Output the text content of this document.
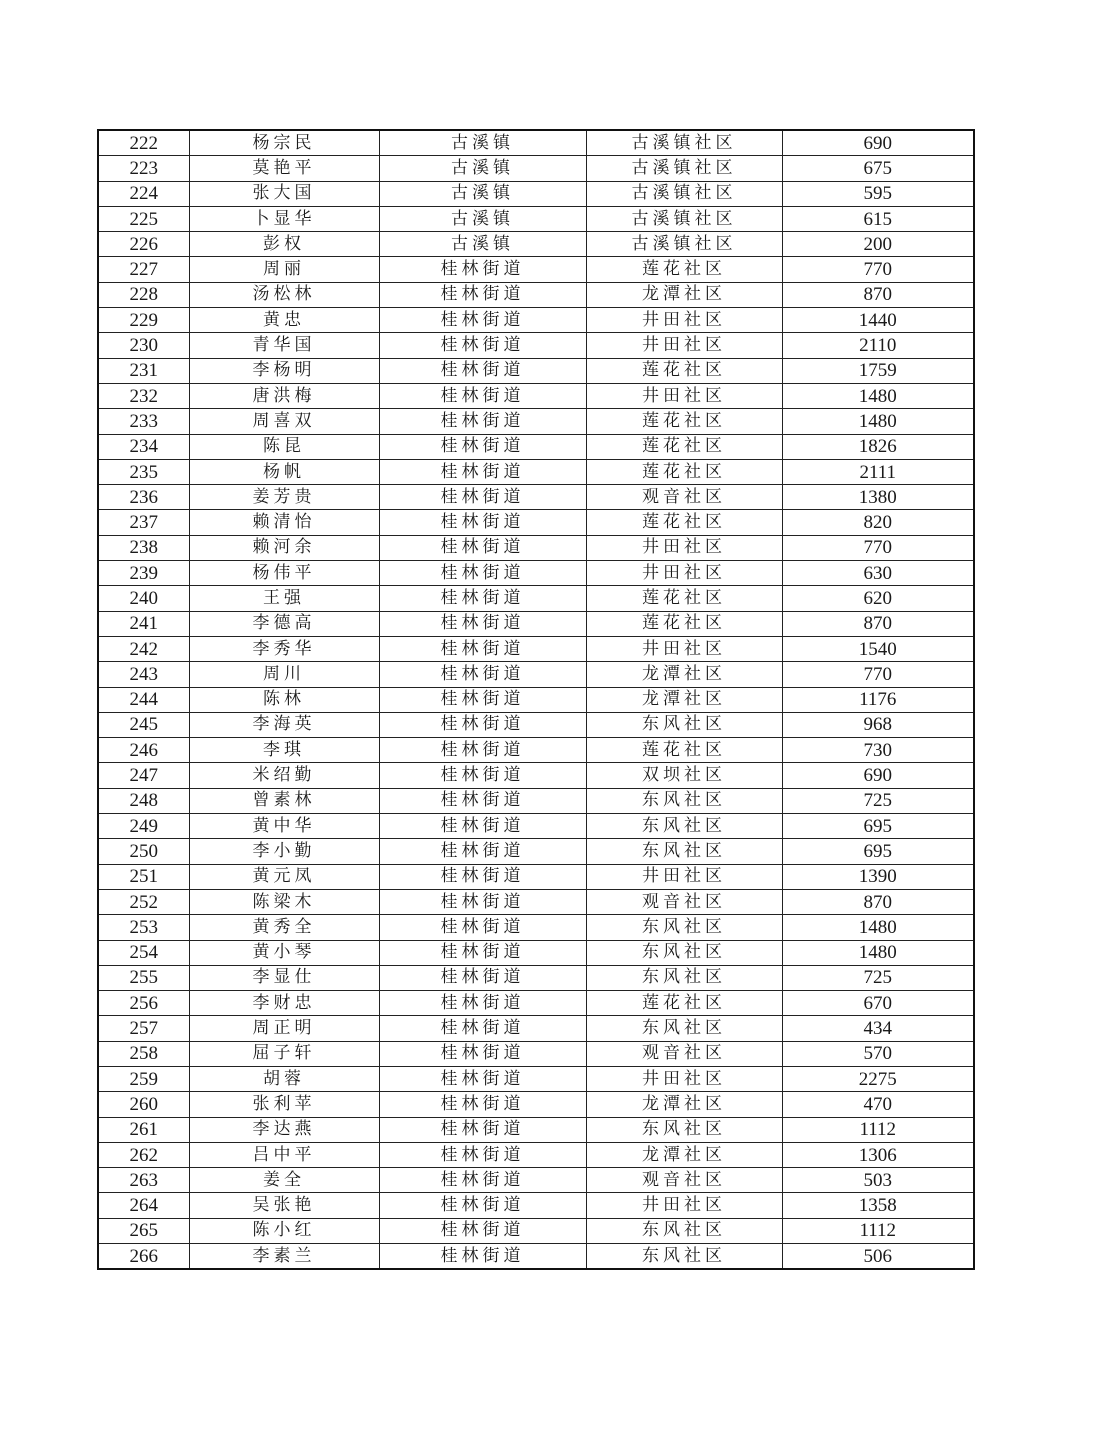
222	杨宗民	古溪镇	古溪镇社区	690
223	莫艳平	古溪镇	古溪镇社区	675
224	张大国	古溪镇	古溪镇社区	595
225	卜显华	古溪镇	古溪镇社区	615
226	彭权	古溪镇	古溪镇社区	200
227	周丽	桂林街道	莲花社区	770
228	汤松林	桂林街道	龙潭社区	870
229	黄忠	桂林街道	井田社区	1440
230	青华国	桂林街道	井田社区	2110
231	李杨明	桂林街道	莲花社区	1759
232	唐洪梅	桂林街道	井田社区	1480
233	周喜双	桂林街道	莲花社区	1480
234	陈昆	桂林街道	莲花社区	1826
235	杨帆	桂林街道	莲花社区	2111
236	姜芳贵	桂林街道	观音社区	1380
237	赖清怡	桂林街道	莲花社区	820
238	赖河余	桂林街道	井田社区	770
239	杨伟平	桂林街道	井田社区	630
240	王强	桂林街道	莲花社区	620
241	李德高	桂林街道	莲花社区	870
242	李秀华	桂林街道	井田社区	1540
243	周川	桂林街道	龙潭社区	770
244	陈林	桂林街道	龙潭社区	1176
245	李海英	桂林街道	东风社区	968
246	李琪	桂林街道	莲花社区	730
247	米绍勤	桂林街道	双坝社区	690
248	曾素林	桂林街道	东风社区	725
249	黄中华	桂林街道	东风社区	695
250	李小勤	桂林街道	东风社区	695
251	黄元凤	桂林街道	井田社区	1390
252	陈梁木	桂林街道	观音社区	870
253	黄秀全	桂林街道	东风社区	1480
254	黄小琴	桂林街道	东风社区	1480
255	李显仕	桂林街道	东风社区	725
256	李财忠	桂林街道	莲花社区	670
257	周正明	桂林街道	东风社区	434
258	屈子轩	桂林街道	观音社区	570
259	胡蓉	桂林街道	井田社区	2275
260	张利苹	桂林街道	龙潭社区	470
261	李达燕	桂林街道	东风社区	1112
262	吕中平	桂林街道	龙潭社区	1306
263	姜全	桂林街道	观音社区	503
264	吴张艳	桂林街道	井田社区	1358
265	陈小红	桂林街道	东风社区	1112
266	李素兰	桂林街道	东风社区	506
